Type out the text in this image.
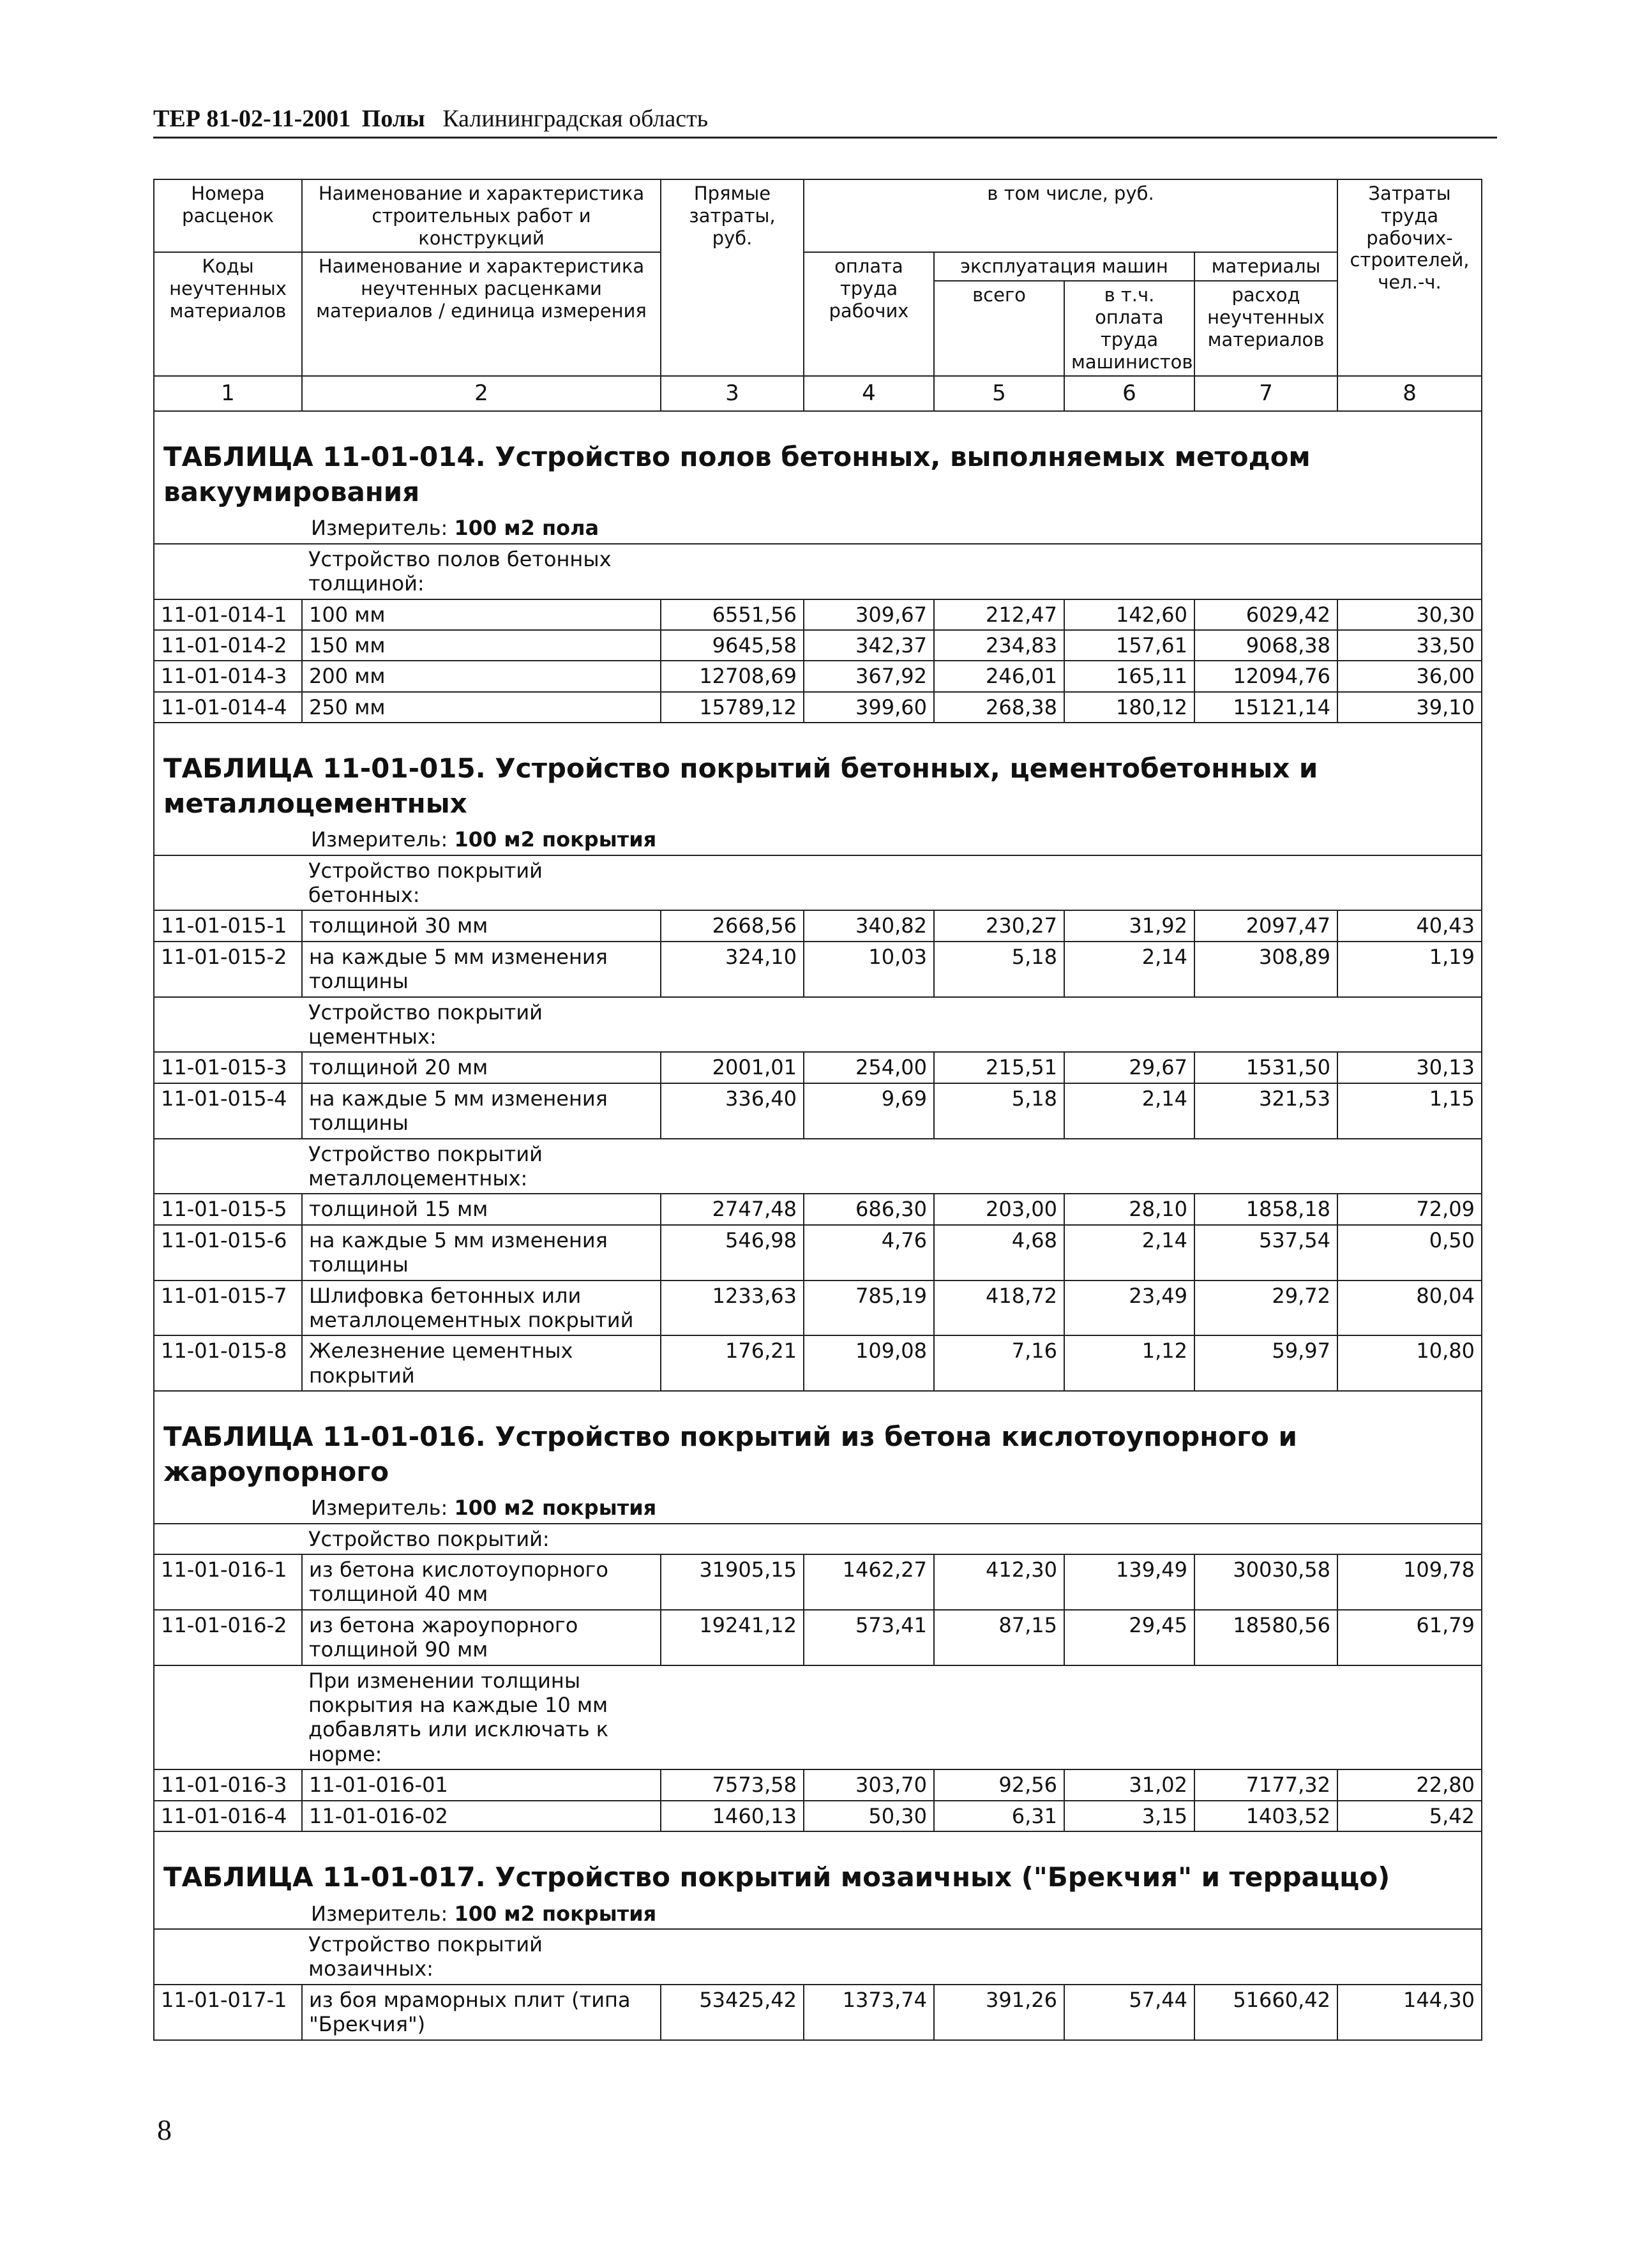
ТЕР 81-02-11-2001 Полы Калининградская область
Номера расценок	Наименование и характеристика строительных работ и конструкций	Прямые затраты, руб.	в том числе, руб.				Затраты труда рабочих-строителей, чел.-ч.
Коды неучтенных материалов	Наименование и характеристика неучтенных расценками материалов / единица измерения		оплата труда рабочих	эксплуатация машин		материалы	
				всего	в т.ч. оплата труда машинистов	расход неучтенных материалов	
1	2	3	4	5	6	7	8
ТАБЛИЦА 11-01-014. Устройство полов бетонных, выполняемых методом вакуумирования							

Измеритель: 100 м2 пола							

	Устройство полов бетонных толщиной:						

11-01-014-1	100 мм	6551,56	309,67	212,47	142,60	6029,42	30,30
11-01-014-2	150 мм	9645,58	342,37	234,83	157,61	9068,38	33,50
11-01-014-3	200 мм	12708,69	367,92	246,01	165,11	12094,76	36,00
11-01-014-4	250 мм	15789,12	399,60	268,38	180,12	15121,14	39,10
ТАБЛИЦА 11-01-015. Устройство покрытий бетонных, цементобетонных и металлоцементных							

Измеритель: 100 м2 покрытия							

	Устройство покрытий бетонных:						

11-01-015-1	толщиной 30 мм	2668,56	340,82	230,27	31,92	2097,47	40,43
11-01-015-2	на каждые 5 мм изменения толщины	324,10	10,03	5,18	2,14	308,89	1,19

	Устройство покрытий цементных:						

11-01-015-3	толщиной 20 мм	2001,01	254,00	215,51	29,67	1531,50	30,13
11-01-015-4	на каждые 5 мм изменения толщины	336,40	9,69	5,18	2,14	321,53	1,15

	Устройство покрытий металлоцементных:						

11-01-015-5	толщиной 15 мм	2747,48	686,30	203,00	28,10	1858,18	72,09
11-01-015-6	на каждые 5 мм изменения толщины	546,98	4,76	4,68	2,14	537,54	0,50
11-01-015-7	Шлифовка бетонных или металлоцементных покрытий	1233,63	785,19	418,72	23,49	29,72	80,04
11-01-015-8	Железнение цементных покрытий	176,21	109,08	7,16	1,12	59,97	10,80
ТАБЛИЦА 11-01-016. Устройство покрытий из бетона кислотоупорного и жароупорного							

Измеритель: 100 м2 покрытия							

	Устройство покрытий:						

11-01-016-1	из бетона кислотоупорного толщиной 40 мм	31905,15	1462,27	412,30	139,49	30030,58	109,78
11-01-016-2	из бетона жароупорного толщиной 90 мм	19241,12	573,41	87,15	29,45	18580,56	61,79

	При изменении толщины покрытия на каждые 10 мм добавлять или исключать к норме:						

11-01-016-3	11-01-016-01	7573,58	303,70	92,56	31,02	7177,32	22,80
11-01-016-4	11-01-016-02	1460,13	50,30	6,31	3,15	1403,52	5,42
ТАБЛИЦА 11-01-017. Устройство покрытий мозаичных ("Брекчия" и терраццо)							

Измеритель: 100 м2 покрытия							

	Устройство покрытий мозаичных:						

11-01-017-1	из боя мраморных плит (типа "Брекчия")	53425,42	1373,74	391,26	57,44	51660,42	144,30
8
